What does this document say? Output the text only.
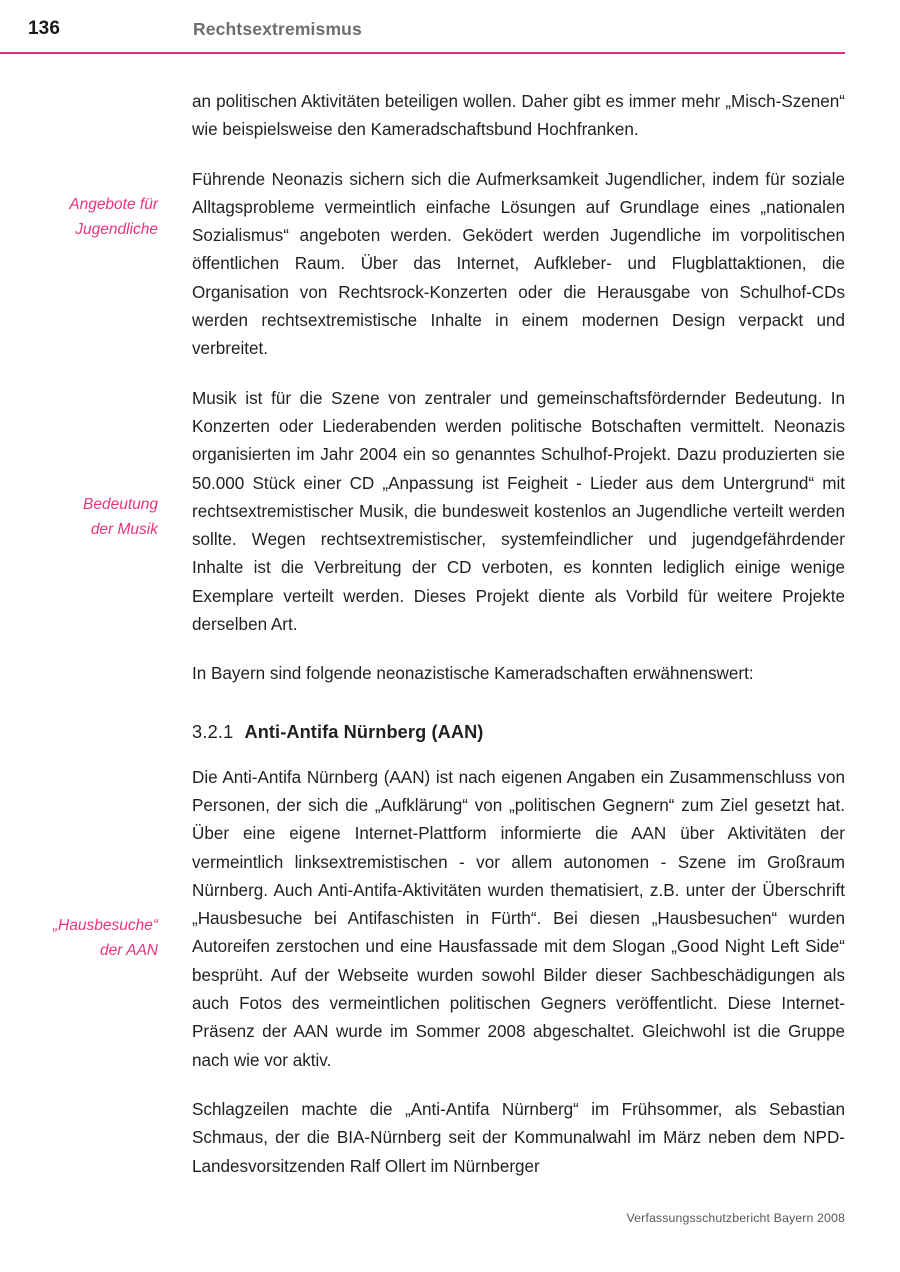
136	Rechtsextremismus
Angebote für
Jugendliche
Bedeutung
der Musik
„Hausbesuche“
der AAN

an politischen Aktivitäten beteiligen wollen. Daher gibt es immer mehr „Misch-Szenen“ wie beispielsweise den Kameradschaftsbund Hochfranken.

Führende Neonazis sichern sich die Aufmerksamkeit Jugendlicher, indem für soziale Alltagsprobleme vermeintlich einfache Lösungen auf Grundlage eines „nationalen Sozialismus“ angeboten werden. Geködert werden Jugendliche im vorpolitischen öffentlichen Raum. Über das Internet, Aufkleber- und Flugblattaktionen, die Organisation von Rechtsrock-Konzerten oder die Herausgabe von Schulhof-CDs werden rechtsextremistische Inhalte in einem modernen Design verpackt und verbreitet.

Musik ist für die Szene von zentraler und gemeinschaftsfördernder Bedeutung. In Konzerten oder Liederabenden werden politische Botschaften vermittelt. Neonazis organisierten im Jahr 2004 ein so genanntes Schulhof-Projekt. Dazu produzierten sie 50.000 Stück einer CD „Anpassung ist Feigheit - Lieder aus dem Untergrund“ mit rechtsextremistischer Musik, die bundesweit kostenlos an Jugendliche verteilt werden sollte. Wegen rechtsextremistischer, systemfeindlicher und jugendgefährdender Inhalte ist die Verbreitung der CD verboten, es konnten lediglich einige wenige Exemplare verteilt werden. Dieses Projekt diente als Vorbild für weitere Projekte derselben Art.

In Bayern sind folgende neonazistische Kameradschaften erwähnenswert:

3.2.1 Anti-Antifa Nürnberg (AAN)

Die Anti-Antifa Nürnberg (AAN) ist nach eigenen Angaben ein Zusammenschluss von Personen, der sich die „Aufklärung“ von „politischen Gegnern“ zum Ziel gesetzt hat. Über eine eigene Internet-Plattform informierte die AAN über Aktivitäten der vermeintlich linksextremistischen - vor allem autonomen - Szene im Großraum Nürnberg. Auch Anti-Antifa-Aktivitäten wurden thematisiert, z.B. unter der Überschrift „Hausbesuche bei Antifaschisten in Fürth“. Bei diesen „Hausbesuchen“ wurden Autoreifen zerstochen und eine Hausfassade mit dem Slogan „Good Night Left Side“ besprüht. Auf der Webseite wurden sowohl Bilder dieser Sachbeschädigungen als auch Fotos des vermeintlichen politischen Gegners veröffentlicht. Diese Internet-Präsenz der AAN wurde im Sommer 2008 abgeschaltet. Gleichwohl ist die Gruppe nach wie vor aktiv.

Schlagzeilen machte die „Anti-Antifa Nürnberg“ im Frühsommer, als Sebastian Schmaus, der die BIA-Nürnberg seit der Kommunalwahl im März neben dem NPD-Landesvorsitzenden Ralf Ollert im Nürnberger

Verfassungsschutzbericht Bayern 2008
